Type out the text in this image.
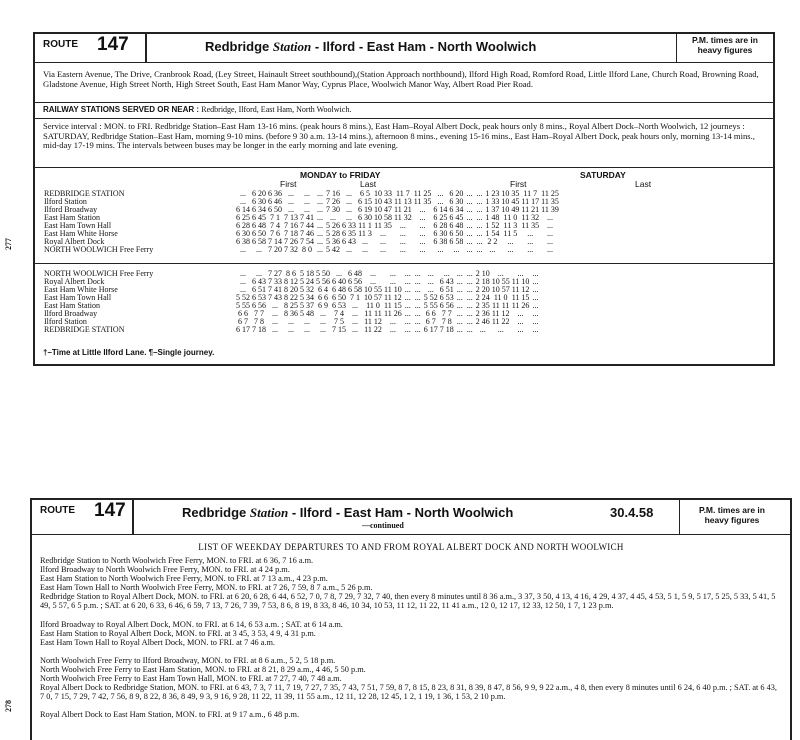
ROUTE 147	Redbridge Station - Ilford - East Ham - North Woolwich	P.M. times are in heavy figures
Via Eastern Avenue, The Drive, Cranbrook Road, (Ley Street, Hainault Street southbound),(Station Approach northbound), Ilford High Road, Romford Road, Little Ilford Lane, Church Road, Browning Road, Gladstone Avenue, High Street North, High Street South, East Ham Manor Way, Cyprus Place, Woolwich Manor Way, Albert Road Pier Road.
RAILWAY STATIONS SERVED OR NEAR : Redbridge, Ilford, East Ham, North Woolwich.
Service interval : MON. to FRI. Redbridge Station–East Ham 13-16 mins. (peak hours 8 mins.), East Ham–Royal Albert Dock, peak hours only 8 mins., Royal Albert Dock–North Woolwich, 12 journeys : SATURDAY, Redbridge Station–East Ham, morning 9-10 mins. (before 9 30 a.m. 13-14 mins.), afternoon 8 mins., evening 15-16 mins., East Ham–Royal Albert Dock, peak hours only, morning 13-14 mins., mid-day 17-19 mins. The intervals between buses may be longer in the early morning and late evening.
MONDAY to FRIDAY	SATURDAY
First	Last	First	Last
REDBRIDGE STATION	...	6 20	6 36	...	...	...	7 16	...	6 5	10 33	11 7	11 25	...	6 20	...	...	1 23	10 35	11 7	11 25
Ilford Station	...	6 30	6 46	...	...	...	7 26	...	6 15	10 43	11 13	11 35	...	6 30	...	...	1 33	10 45	11 17	11 35
Ilford Broadway	6 14	6 34	6 50	...	...	...	7 30	...	6 19	10 47	11 21	...	6 14	6 34	...	...	1 37	10 49	11 21	11 39
East Ham Station	6 25	6 45	7 1	7 13	7 41	...	...	...	6 30	10 58	11 32	...	6 25	6 45	...	...	1 48	11 0	11 32	...
East Ham Town Hall	6 28	6 48	7 4	7 16	7 44	...	5 26	6 33	11 1	11 35	...	...	6 28	6 48	...	...	1 52	11 3	11 35	...
East Ham White Horse	6 30	6 50	7 6	7 18	7 46	...	5 28	6 35	11 3	...	...	...	6 30	6 50	...	...	1 54	11 5	...	...
Royal Albert Dock	6 38	6 58	7 14	7 26	7 54	...	5 36	6 43	...	...	...	...	6 38	6 58	...	...	2 2	...	...	...
NORTH WOOLWICH Free Ferry	...	...	7 20	7 32	8 0	...	5 42	...	...	...	...	...	...	...	...	...	...	...	...	...
NORTH WOOLWICH Free Ferry	...	...	7 27	8 6	5 18	5 50	...	6 48	...	...	...	...	...	...	...	...	2 10	...	...	...
Royal Albert Dock	...	6 43	7 33	8 12	5 24	5 56	6 40	6 56	...	...	...	...	...	6 43	...	...	2 18	10 55	11 10	...
East Ham White Horse	...	6 51	7 41	8 20	5 32	6 4	6 48	6 58	10 55	11 10	...	...	...	6 51	...	...	2 20	10 57	11 12	...
East Ham Town Hall	5 52	6 53	7 43	8 22	5 34	6 6	6 50	7 1	10 57	11 12	...	...	5 52	6 53	...	...	2 24	11 0	11 15	...
East Ham Station	5 55	6 56	...	8 25	5 37	6 9	6 53	...	11 0	11 15	...	...	5 55	6 56	...	...	2 35	11 11	11 26	...
Ilford Broadway	6 6	7 7	...	8 36	5 48	...	7 4	...	11 11	11 26	...	...	6 6	7 7	...	...	2 36	11 12	...	...
Ilford Station	6 7	7 8	...	...	...	...	7 5	...	11 12	...	...	...	6 7	7 8	...	...	2 46	11 22	...	...
REDBRIDGE STATION	6 17	7 18	...	...	...	...	7 15	...	11 22	...	...	...	6 17	7 18	...	...	...	...	...	...
†–Time at Little Ilford Lane. ¶–Single journey.
277
ROUTE 147	Redbridge Station - Ilford - East Ham - North Woolwich
—continued
30.4.58	P.M. times are in heavy figures
LIST OF WEEKDAY DEPARTURES TO AND FROM ROYAL ALBERT DOCK AND NORTH WOOLWICH
Redbridge Station to North Woolwich Free Ferry, MON. to FRI. at 6 36, 7 16 a.m.
Ilford Broadway to North Woolwich Free Ferry, MON. to FRI. at 4 24 p.m.
East Ham Station to North Woolwich Free Ferry, MON. to FRI. at 7 13 a.m., 4 23 p.m.
East Ham Town Hall to North Woolwich Free Ferry, MON. to FRI. at 7 26, 7 59, 8 7 a.m., 5 26 p.m.
Redbridge Station to Royal Albert Dock, MON. to FRI. at 6 20, 6 28, 6 44, 6 52, 7 0, 7 8, 7 29, 7 32, 7 40, then every 8 minutes until 8 36 a.m., 3 37, 3 50, 4 13, 4 16, 4 29, 4 37, 4 45, 4 53, 5 1, 5 9, 5 17, 5 25, 5 33, 5 41, 5 49, 5 57, 6 5 p.m. ; SAT. at 6 20, 6 33, 6 46, 6 59, 7 13, 7 26, 7 39, 7 53, 8 6, 8 19, 8 33, 8 46, 10 34, 10 53, 11 12, 11 22, 11 41 a.m., 12 0, 12 17, 12 33, 12 50, 1 7, 1 23 p.m.
Ilford Broadway to Royal Albert Dock, MON. to FRI. at 6 14, 6 53 a.m. ; SAT. at 6 14 a.m.
East Ham Station to Royal Albert Dock, MON. to FRI. at 3 45, 3 53, 4 9, 4 31 p.m.
East Ham Town Hall to Royal Albert Dock, MON. to FRI. at 7 46 a.m.
North Woolwich Free Ferry to Ilford Broadway, MON. to FRI. at 8 6 a.m., 5 2, 5 18 p.m.
North Woolwich Free Ferry to East Ham Station, MON. to FRI. at 8 21, 8 29 a.m., 4 46, 5 50 p.m.
North Woolwich Free Ferry to East Ham Town Hall, MON. to FRI. at 7 27, 7 40, 7 48 a.m.
Royal Albert Dock to Redbridge Station, MON. to FRI. at 6 43, 7 3, 7 11, 7 19, 7 27, 7 35, 7 43, 7 51, 7 59, 8 7, 8 15, 8 23, 8 31, 8 39, 8 47, 8 56, 9 9, 9 22 a.m., 4 8, then every 8 minutes until 6 24, 6 40 p.m. ; SAT. at 6 43, 7 0, 7 15, 7 29, 7 42, 7 56, 8 9, 8 22, 8 36, 8 49, 9 3, 9 16, 9 28, 11 22, 11 39, 11 55 a.m., 12 11, 12 28, 12 45, 1 2, 1 19, 1 36, 1 53, 2 10 p.m.
Royal Albert Dock to East Ham Station, MON. to FRI. at 9 17 a.m., 6 48 p.m.
278
